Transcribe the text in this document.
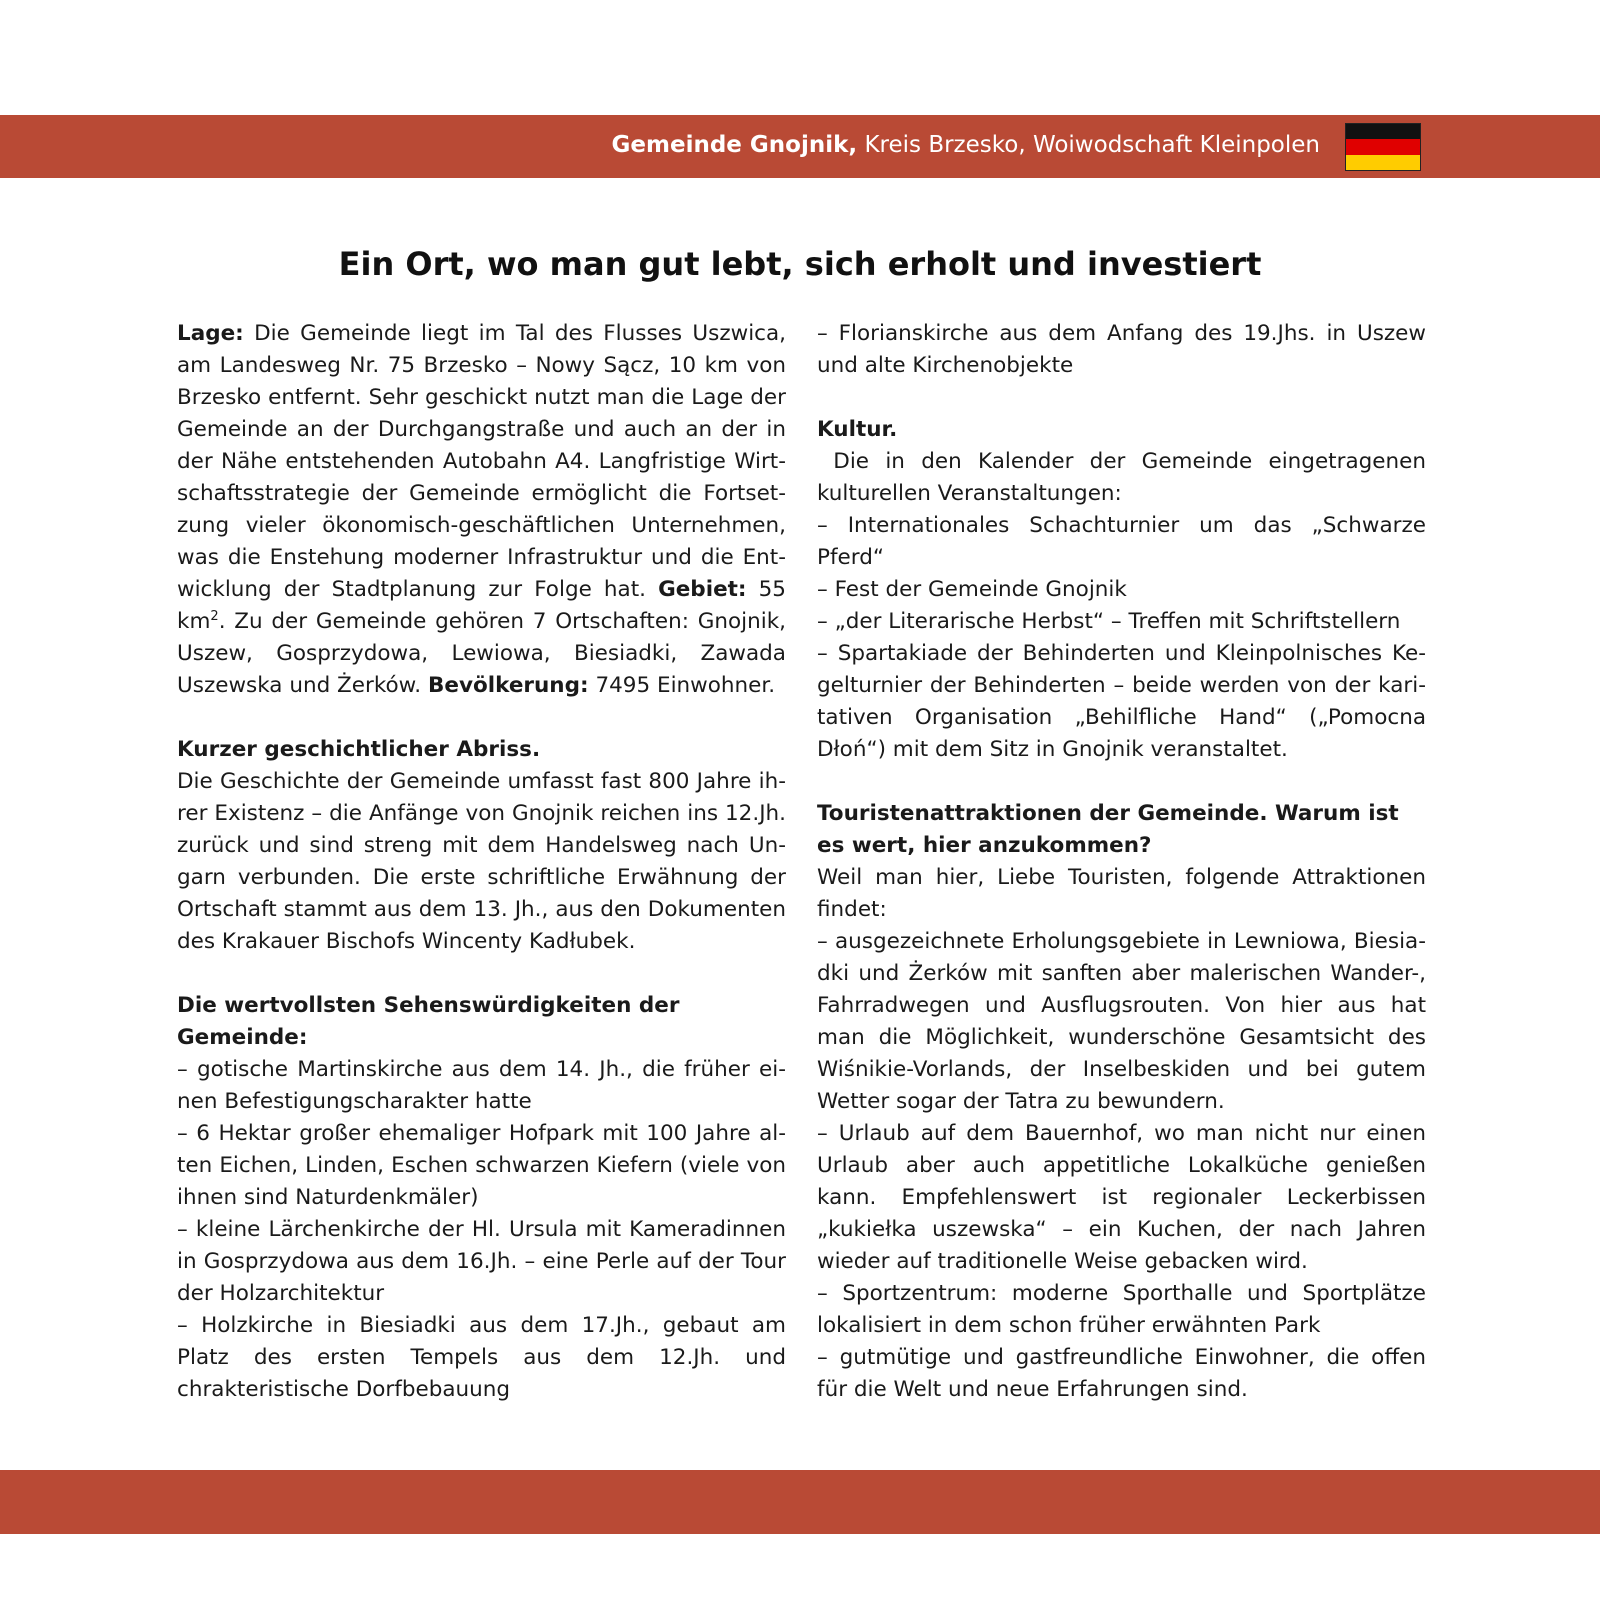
Gemeinde Gnojnik, Kreis Brzesko, Woiwodschaft Kleinpolen
Ein Ort, wo man gut lebt, sich erholt und investiert

Lage: Die Gemeinde liegt im Tal des Flusses Uszwica, am Landesweg Nr. 75 Brzesko – Nowy Sącz, 10 km von Brzesko entfernt. Sehr geschickt nutzt man die Lage der Gemeinde an der Durchgangstraße und auch an der in der Nähe entstehenden Autobahn A4. Langfristige Wirtschaftsstrategie der Gemeinde ermöglicht die Fortsetzung vieler ökonomisch-geschäftlichen Unternehmen, was die Enstehung moderner Infrastruktur und die Entwicklung der Stadtplanung zur Folge hat. Gebiet: 55 $km^2$. Zu der Gemeinde gehören 7 Ortschaften: Gnojnik, Uszew, Gosprzydowa, Lewiowa, Biesiadki, Zawada Uszewska und Żerków. Bevölkerung: 7495 Einwohner.

Kurzer geschichtlicher Abriss.

Die Geschichte der Gemeinde umfasst fast 800 Jahre ihrer Existenz – die Anfänge von Gnojnik reichen ins 12.Jh. zurück und sind streng mit dem Handelsweg nach Ungarn verbunden. Die erste schriftliche Erwähnung der Ortschaft stammt aus dem 13. Jh., aus den Dokumenten des Krakauer Bischofs Wincenty Kadłubek.

Die wertvollsten Sehenswürdigkeiten der Gemeinde:

– gotische Martinskirche aus dem 14. Jh., die früher einen Befestigungscharakter hatte

– 6 Hektar großer ehemaliger Hofpark mit 100 Jahre alten Eichen, Linden, Eschen schwarzen Kiefern (viele von ihnen sind Naturdenkmäler)

– kleine Lärchenkirche der Hl. Ursula mit Kameradinnen in Gosprzydowa aus dem 16.Jh. – eine Perle auf der Tour der Holzarchitektur

– Holzkirche in Biesiadki aus dem 17.Jh., gebaut am Platz des ersten Tempels aus dem 12.Jh. und chrakteristische Dorfbebauung

– Florianskirche aus dem Anfang des 19.Jhs. in Uszew und alte Kirchenobjekte

Kultur.

Die in den Kalender der Gemeinde eingetragenen kulturellen Veranstaltungen:

– Internationales Schachturnier um das „Schwarze Pferd“

– Fest der Gemeinde Gnojnik

– „der Literarische Herbst“ – Treffen mit Schriftstellern

– Spartakiade der Behinderten und Kleinpolnisches Kegelturnier der Behinderten – beide werden von der karitativen Organisation „Behilfliche Hand“ („Pomocna Dłoń“) mit dem Sitz in Gnojnik veranstaltet.

Touristenattraktionen der Gemeinde. Warum ist es wert, hier anzukommen?

Weil man hier, Liebe Touristen, folgende Attraktionen findet:

– ausgezeichnete Erholungsgebiete in Lewniowa, Biesiadki und Żerków mit sanften aber malerischen Wander-, Fahrradwegen und Ausflugsrouten. Von hier aus hat man die Möglichkeit, wunderschöne Gesamtsicht des Wiśnikie-Vorlands, der Inselbeskiden und bei gutem Wetter sogar der Tatra zu bewundern.

– Urlaub auf dem Bauernhof, wo man nicht nur einen Urlaub aber auch appetitliche Lokalküche genießen kann. Empfehlenswert ist regionaler Leckerbissen „kukiełka uszewska“ – ein Kuchen, der nach Jahren wieder auf traditionelle Weise gebacken wird.

– Sportzentrum: moderne Sporthalle und Sportplätze lokalisiert in dem schon früher erwähnten Park

– gutmütige und gastfreundliche Einwohner, die offen für die Welt und neue Erfahrungen sind.
